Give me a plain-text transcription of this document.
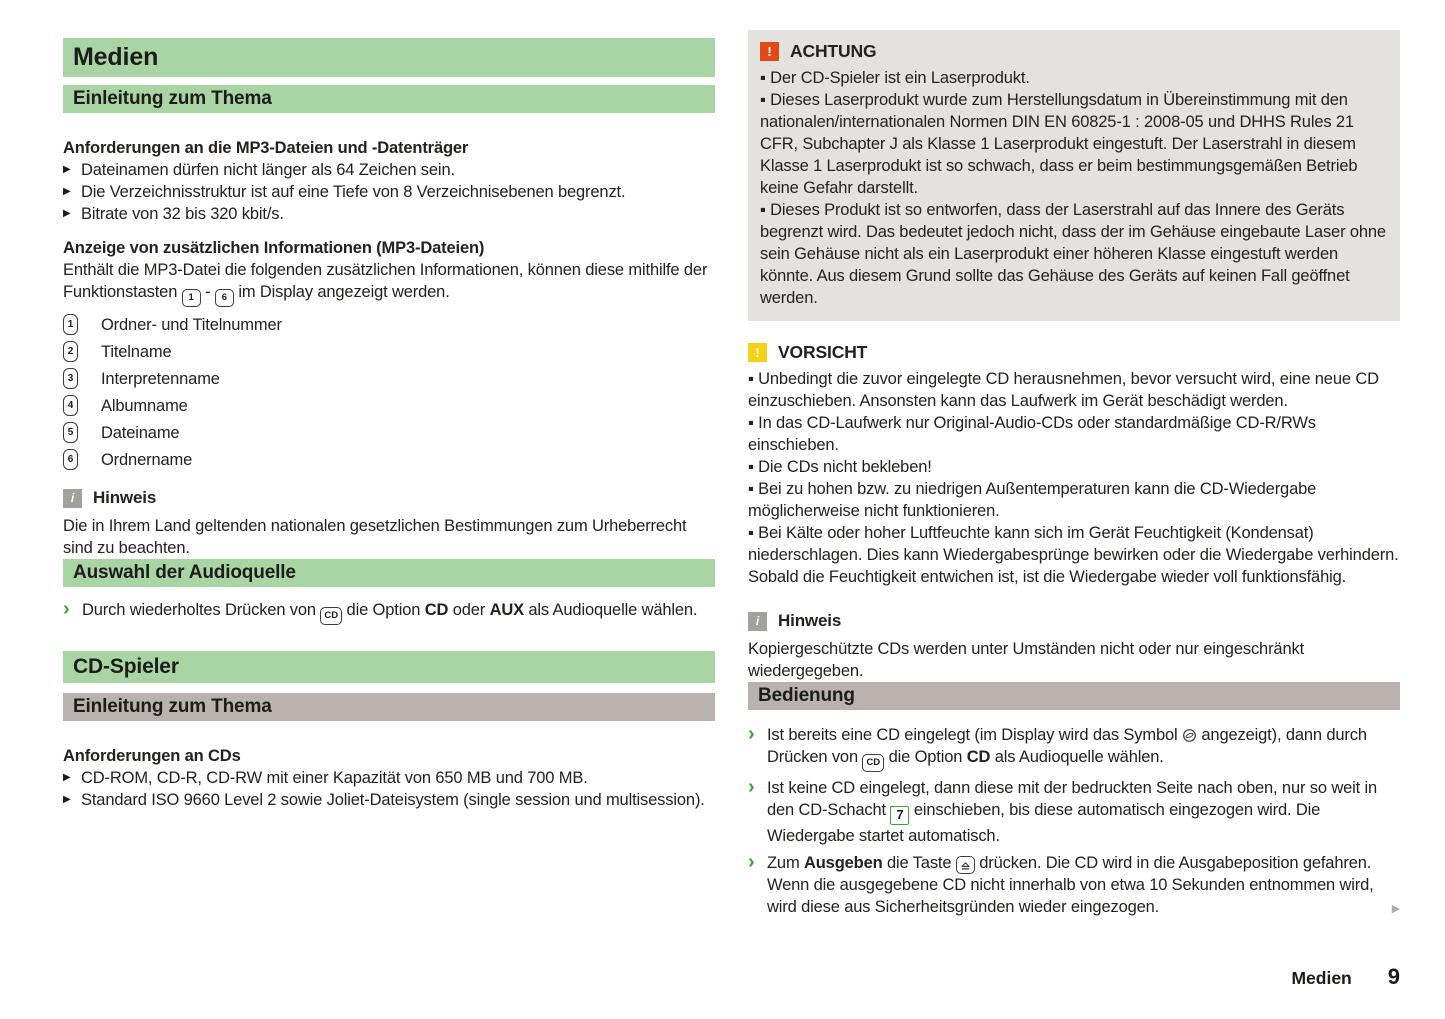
Medien
Einleitung zum Thema

Anforderungen an die MP3-Dateien und -Datenträger

▶ Dateinamen dürfen nicht länger als 64 Zeichen sein.
▶ Die Verzeichnisstruktur ist auf eine Tiefe von 8 Verzeichnisebenen begrenzt.
▶ Bitrate von 32 bis 320 kbit/s.

Anzeige von zusätzlichen Informationen (MP3-Dateien)

Enthält die MP3-Datei die folgenden zusätzlichen Informationen, können diese mithilfe der Funktionstasten 1 - 6 im Display angezeigt werden.

1 Ordner- und Titelnummer
2 Titelname
3 Interpretenname
4 Albumname
5 Dateiname
6 Ordnername
i	Hinweis

Die in Ihrem Land geltenden nationalen gesetzlichen Bestimmungen zum Urheberrecht sind zu beachten.

Auswahl der Audioquelle
› Durch wiederholtes Drücken von CD die Option CD oder AUX als Audioquelle wählen.
CD-Spieler
Einleitung zum Thema

Anforderungen an CDs

▶ CD-ROM, CD-R, CD-RW mit einer Kapazität von 650 MB und 700 MB.
▶ Standard ISO 9660 Level 2 sowie Joliet-Dateisystem (single session und multisession).
!	ACHTUNG

▪ Der CD-Spieler ist ein Laserprodukt.

▪ Dieses Laserprodukt wurde zum Herstellungsdatum in Übereinstimmung mit den nationalen/internationalen Normen DIN EN 60825-1 : 2008-05 und DHHS Rules 21 CFR, Subchapter J als Klasse 1 Laserprodukt eingestuft. Der Laserstrahl in diesem Klasse 1 Laserprodukt ist so schwach, dass er beim bestimmungsgemäßen Betrieb keine Gefahr darstellt.

▪ Dieses Produkt ist so entworfen, dass der Laserstrahl auf das Innere des Geräts begrenzt wird. Das bedeutet jedoch nicht, dass der im Gehäuse eingebaute Laser ohne sein Gehäuse nicht als ein Laserprodukt einer höheren Klasse eingestuft werden könnte. Aus diesem Grund sollte das Gehäuse des Geräts auf keinen Fall geöffnet werden.

!	VORSICHT

▪ Unbedingt die zuvor eingelegte CD herausnehmen, bevor versucht wird, eine neue CD einzuschieben. Ansonsten kann das Laufwerk im Gerät beschädigt werden.

▪ In das CD-Laufwerk nur Original-Audio-CDs oder standardmäßige CD-R/RWs einschieben.

▪ Die CDs nicht bekleben!

▪ Bei zu hohen bzw. zu niedrigen Außentemperaturen kann die CD-Wiedergabe möglicherweise nicht funktionieren.

▪ Bei Kälte oder hoher Luftfeuchte kann sich im Gerät Feuchtigkeit (Kondensat) niederschlagen. Dies kann Wiedergabesprünge bewirken oder die Wiedergabe verhindern. Sobald die Feuchtigkeit entwichen ist, ist die Wiedergabe wieder voll funktionsfähig.

i	Hinweis

Kopiergeschützte CDs werden unter Umständen nicht oder nur eingeschränkt wiedergegeben.

Bedienung
› Ist bereits eine CD eingelegt (im Display wird das Symbol  angezeigt), dann durch Drücken von CD die Option CD als Audioquelle wählen.
› Ist keine CD eingelegt, dann diese mit der bedruckten Seite nach oben, nur so weit in den CD-Schacht 7 einschieben, bis diese automatisch eingezogen wird. Die Wiedergabe startet automatisch.
› Zum Ausgeben die Taste
drücken. Die CD wird in die Ausgabeposition gefahren. Wenn die ausgegebene CD nicht innerhalb von etwa 10 Sekunden entnommen wird, wird diese aus Sicherheitsgründen wieder eingezogen.	▶
Medien 9
